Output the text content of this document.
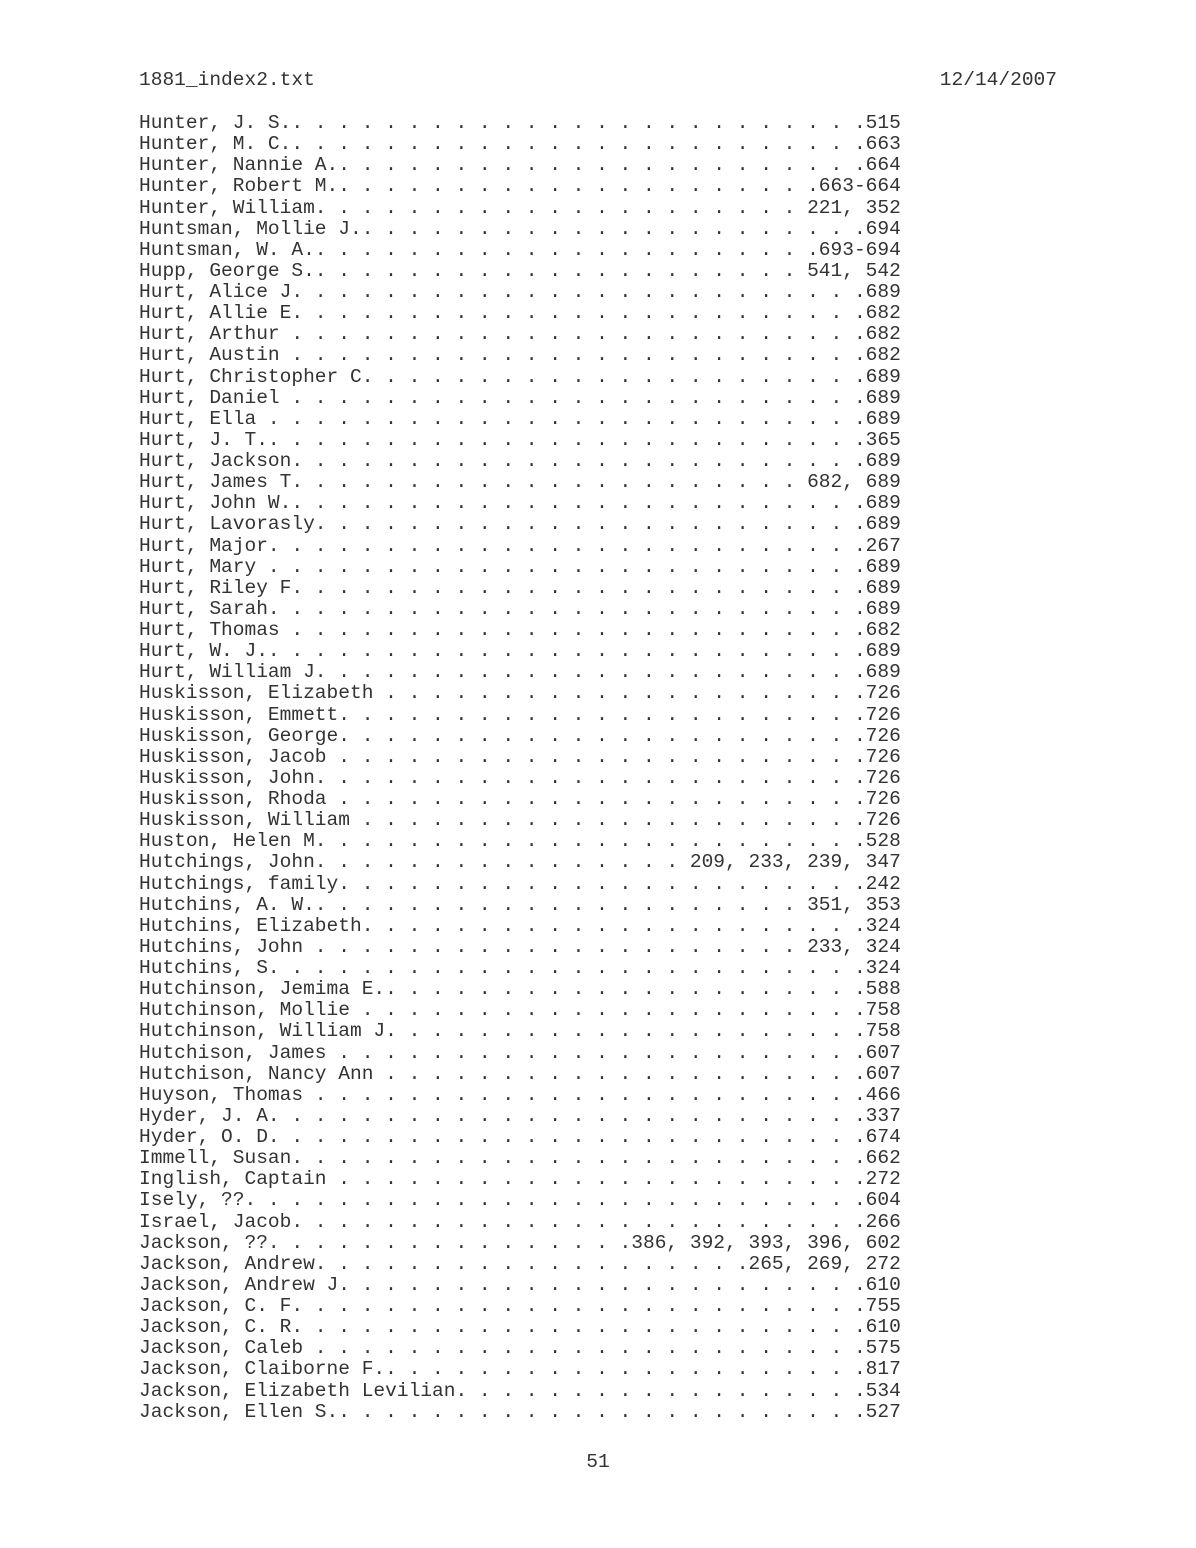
1881_index2.txt	12/14/2007
Hunter, J. S.. . . . . . . . . . . . . . . . . . . . . . . . .515
Hunter, M. C.. . . . . . . . . . . . . . . . . . . . . . . . .663
Hunter, Nannie A.. . . . . . . . . . . . . . . . . . . . . . .664
Hunter, Robert M.. . . . . . . . . . . . . . . . . . . . .663-664
Hunter, William. . . . . . . . . . . . . . . . . . . . . 221, 352
Huntsman, Mollie J.. . . . . . . . . . . . . . . . . . . . . .694
Huntsman, W. A.. . . . . . . . . . . . . . . . . . . . . .693-694
Hupp, George S.. . . . . . . . . . . . . . . . . . . . . 541, 542
Hurt, Alice J. . . . . . . . . . . . . . . . . . . . . . . . .689
Hurt, Allie E. . . . . . . . . . . . . . . . . . . . . . . . .682
Hurt, Arthur . . . . . . . . . . . . . . . . . . . . . . . . .682
Hurt, Austin . . . . . . . . . . . . . . . . . . . . . . . . .682
Hurt, Christopher C. . . . . . . . . . . . . . . . . . . . . .689
Hurt, Daniel . . . . . . . . . . . . . . . . . . . . . . . . .689
Hurt, Ella . . . . . . . . . . . . . . . . . . . . . . . . . .689
Hurt, J. T.. . . . . . . . . . . . . . . . . . . . . . . . . .365
Hurt, Jackson. . . . . . . . . . . . . . . . . . . . . . . . .689
Hurt, James T. . . . . . . . . . . . . . . . . . . . . . 682, 689
Hurt, John W.. . . . . . . . . . . . . . . . . . . . . . . . .689
Hurt, Lavorasly. . . . . . . . . . . . . . . . . . . . . . . .689
Hurt, Major. . . . . . . . . . . . . . . . . . . . . . . . . .267
Hurt, Mary . . . . . . . . . . . . . . . . . . . . . . . . . .689
Hurt, Riley F. . . . . . . . . . . . . . . . . . . . . . . . .689
Hurt, Sarah. . . . . . . . . . . . . . . . . . . . . . . . . .689
Hurt, Thomas . . . . . . . . . . . . . . . . . . . . . . . . .682
Hurt, W. J.. . . . . . . . . . . . . . . . . . . . . . . . . .689
Hurt, William J. . . . . . . . . . . . . . . . . . . . . . . .689
Huskisson, Elizabeth . . . . . . . . . . . . . . . . . . . . .726
Huskisson, Emmett. . . . . . . . . . . . . . . . . . . . . . .726
Huskisson, George. . . . . . . . . . . . . . . . . . . . . . .726
Huskisson, Jacob . . . . . . . . . . . . . . . . . . . . . . .726
Huskisson, John. . . . . . . . . . . . . . . . . . . . . . . .726
Huskisson, Rhoda . . . . . . . . . . . . . . . . . . . . . . .726
Huskisson, William . . . . . . . . . . . . . . . . . . . . . .726
Huston, Helen M. . . . . . . . . . . . . . . . . . . . . . . .528
Hutchings, John. . . . . . . . . . . . . . . . 209, 233, 239, 347
Hutchings, family. . . . . . . . . . . . . . . . . . . . . . .242
Hutchins, A. W.. . . . . . . . . . . . . . . . . . . . . 351, 353
Hutchins, Elizabeth. . . . . . . . . . . . . . . . . . . . . .324
Hutchins, John . . . . . . . . . . . . . . . . . . . . . 233, 324
Hutchins, S. . . . . . . . . . . . . . . . . . . . . . . . . .324
Hutchinson, Jemima E.. . . . . . . . . . . . . . . . . . . . .588
Hutchinson, Mollie . . . . . . . . . . . . . . . . . . . . . .758
Hutchinson, William J. . . . . . . . . . . . . . . . . . . . .758
Hutchison, James . . . . . . . . . . . . . . . . . . . . . . .607
Hutchison, Nancy Ann . . . . . . . . . . . . . . . . . . . . .607
Huyson, Thomas . . . . . . . . . . . . . . . . . . . . . . . .466
Hyder, J. A. . . . . . . . . . . . . . . . . . . . . . . . . .337
Hyder, O. D. . . . . . . . . . . . . . . . . . . . . . . . . .674
Immell, Susan. . . . . . . . . . . . . . . . . . . . . . . . .662
Inglish, Captain . . . . . . . . . . . . . . . . . . . . . . .272
Isely, ??. . . . . . . . . . . . . . . . . . . . . . . . . . .604
Israel, Jacob. . . . . . . . . . . . . . . . . . . . . . . . .266
Jackson, ??. . . . . . . . . . . . . . . .386, 392, 393, 396, 602
Jackson, Andrew. . . . . . . . . . . . . . . . . . .265, 269, 272
Jackson, Andrew J. . . . . . . . . . . . . . . . . . . . . . .610
Jackson, C. F. . . . . . . . . . . . . . . . . . . . . . . . .755
Jackson, C. R. . . . . . . . . . . . . . . . . . . . . . . . .610
Jackson, Caleb . . . . . . . . . . . . . . . . . . . . . . . .575
Jackson, Claiborne F.. . . . . . . . . . . . . . . . . . . . .817
Jackson, Elizabeth Levilian. . . . . . . . . . . . . . . . . .534
Jackson, Ellen S.. . . . . . . . . . . . . . . . . . . . . . .527
51
